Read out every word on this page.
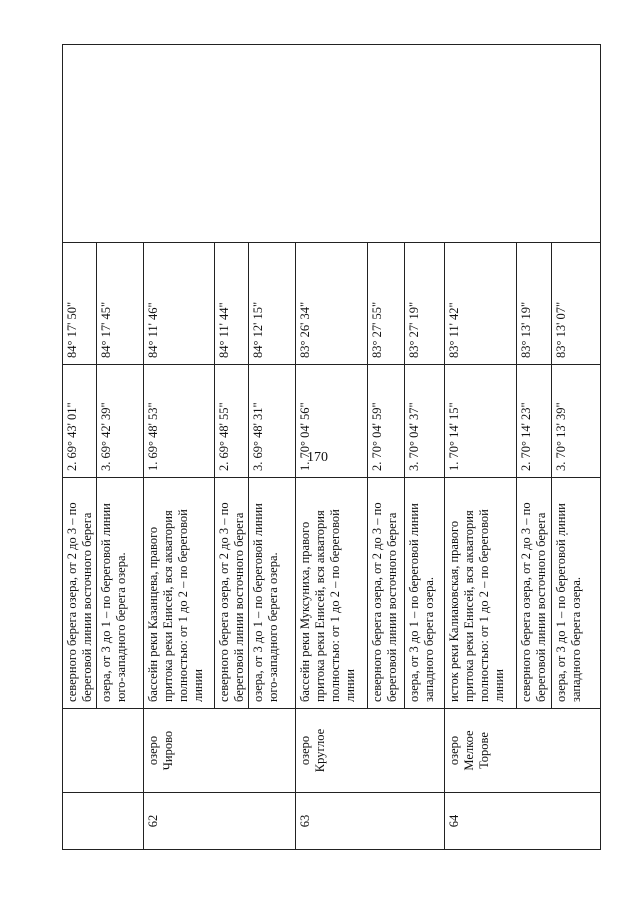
170
		северного берега озера, от 2 до 3 – по береговой линии восточного берега	2. 69° 43' 01"	84° 17' 50"	
		озера, от 3 до 1 – по береговой линии юго-западного берега озера.	3. 69° 42' 39"	84° 17' 45"	
62	озеро Чирово	бассейн реки Казанцева, правого притока реки Енисей, вся акватория полностью: от 1 до 2 – по береговой линии	1. 69° 48' 53"	84° 11' 46"	
		северного берега озера, от 2 до 3 – по береговой линии восточного берега	2. 69° 48' 55"	84° 11' 44"	
		озера, от 3 до 1 – по береговой линии юго-западного берега озера.	3. 69° 48' 31"	84° 12' 15"	
63	озеро Круглое	бассейн реки Муксуниха, правого притока реки Енисей, вся акватория полностью: от 1 до 2 – по береговой линии	1. 70° 04' 56"	83° 26' 34"	
		северного берега озера, от 2 до 3 – по береговой линии восточного берега	2. 70° 04' 59"	83° 27' 55"	
		озера, от 3 до 1 – по береговой линии западного берега озера.	3. 70° 04' 37"	83° 27' 19"	
64	озеро Мелкое Торове	исток реки Калиаковская, правого притока реки Енисей, вся акватория полностью: от 1 до 2 – по береговой линии	1. 70° 14' 15"	83° 11' 42"	
		северного берега озера, от 2 до 3 – по береговой линии восточного берега	2. 70° 14' 23"	83° 13' 19"	
		озера, от 3 до 1 – по береговой линии западного берега озера.	3. 70° 13' 39"	83° 13' 07"	
